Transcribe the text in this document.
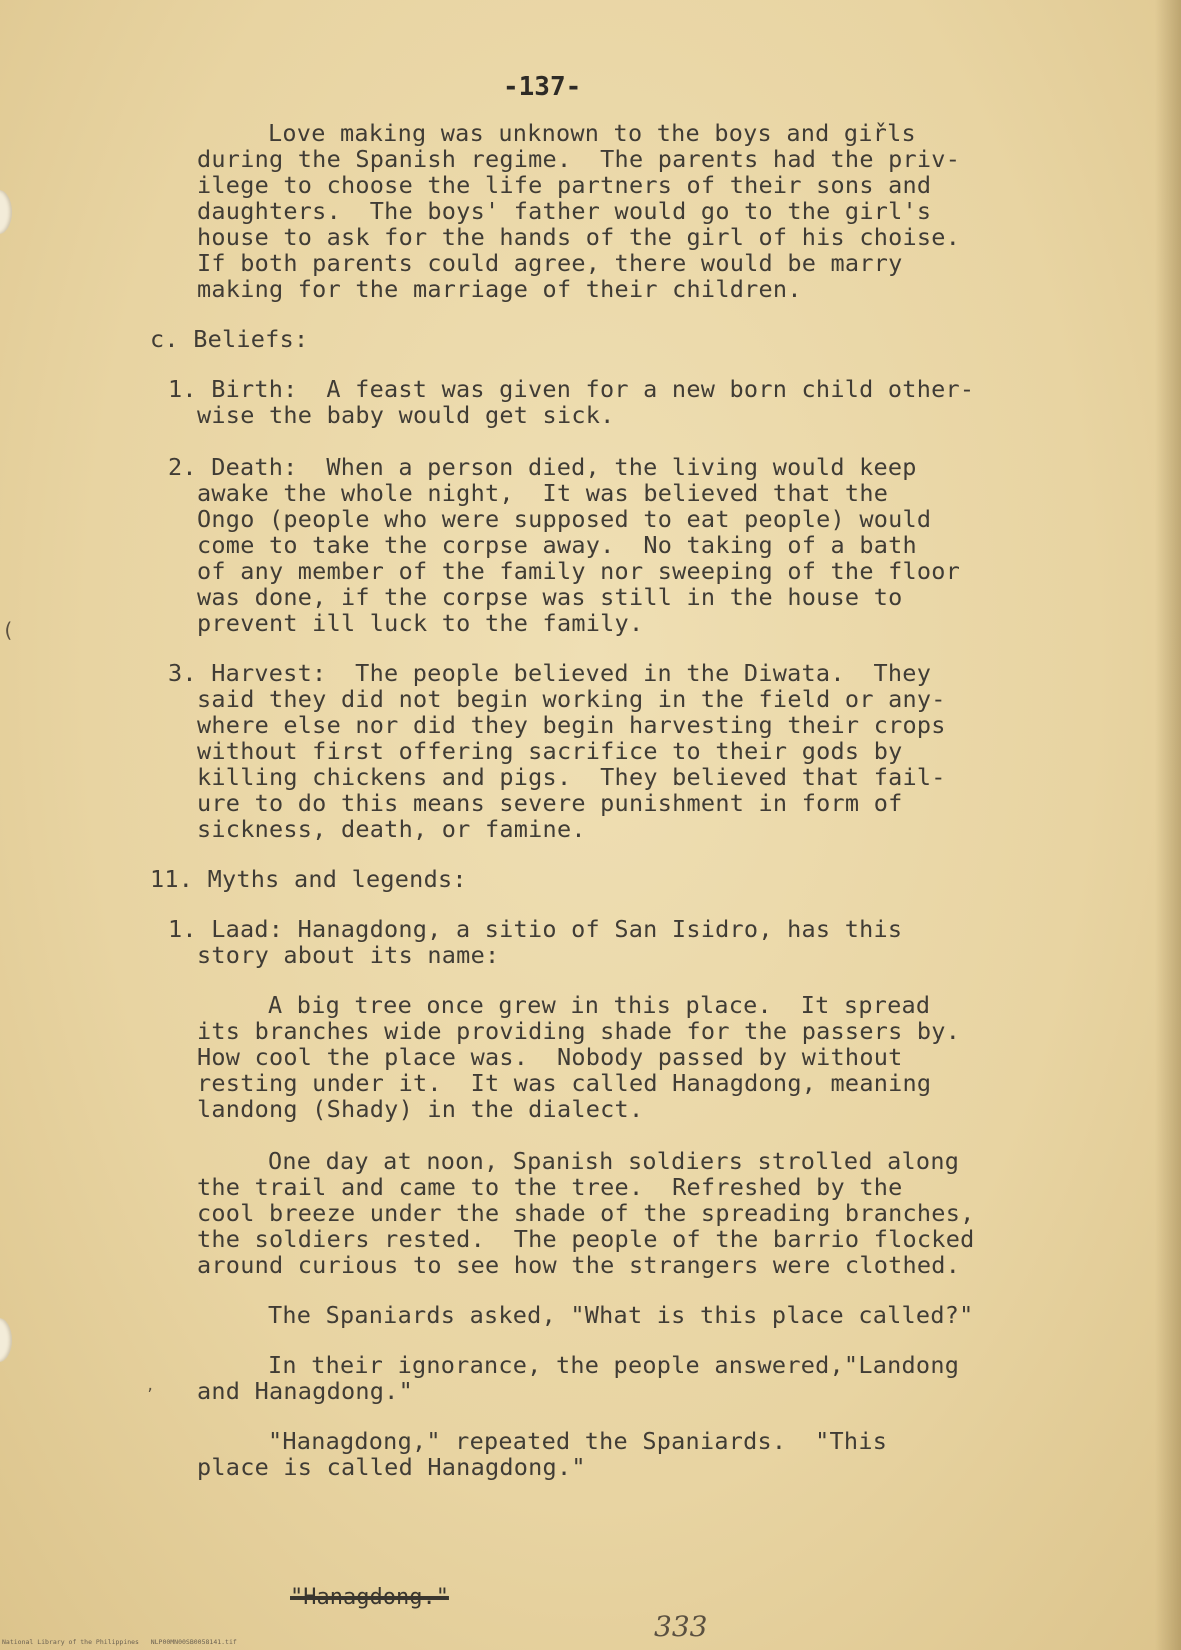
(
,
-137-
Love making was unknown to the boys and giřls
during the Spanish regime.  The parents had the priv-
ilege to choose the life partners of their sons and
daughters.  The boys' father would go to the girl's
house to ask for the hands of the girl of his choise.
If both parents could agree, there would be marry
making for the marriage of their children.
c. Beliefs:
1. Birth:  A feast was given for a new born child other-
wise the baby would get sick.
2. Death:  When a person died, the living would keep
awake the whole night,  It was believed that the
Ongo (people who were supposed to eat people) would
come to take the corpse away.  No taking of a bath
of any member of the family nor sweeping of the floor
was done, if the corpse was still in the house to
prevent ill luck to the family.
3. Harvest:  The people believed in the Diwata.  They
said they did not begin working in the field or any-
where else nor did they begin harvesting their crops
without first offering sacrifice to their gods by
killing chickens and pigs.  They believed that fail-
ure to do this means severe punishment in form of
sickness, death, or famine.
11. Myths and legends:
1. Laad: Hanagdong, a sitio of San Isidro, has this
story about its name:
A big tree once grew in this place.  It spread
its branches wide providing shade for the passers by.
How cool the place was.  Nobody passed by without
resting under it.  It was called Hanagdong, meaning
landong (Shady) in the dialect.
One day at noon, Spanish soldiers strolled along
the trail and came to the tree.  Refreshed by the
cool breeze under the shade of the spreading branches,
the soldiers rested.  The people of the barrio flocked
around curious to see how the strangers were clothed.
The Spaniards asked, "What is this place called?"
In their ignorance, the people answered,"Landong
and Hanagdong."
"Hanagdong," repeated the Spaniards.  "This
place is called Hanagdong."
"Hanagdong."
333
National Library of the Philippines   NLP00MN00SB0058141.tif
